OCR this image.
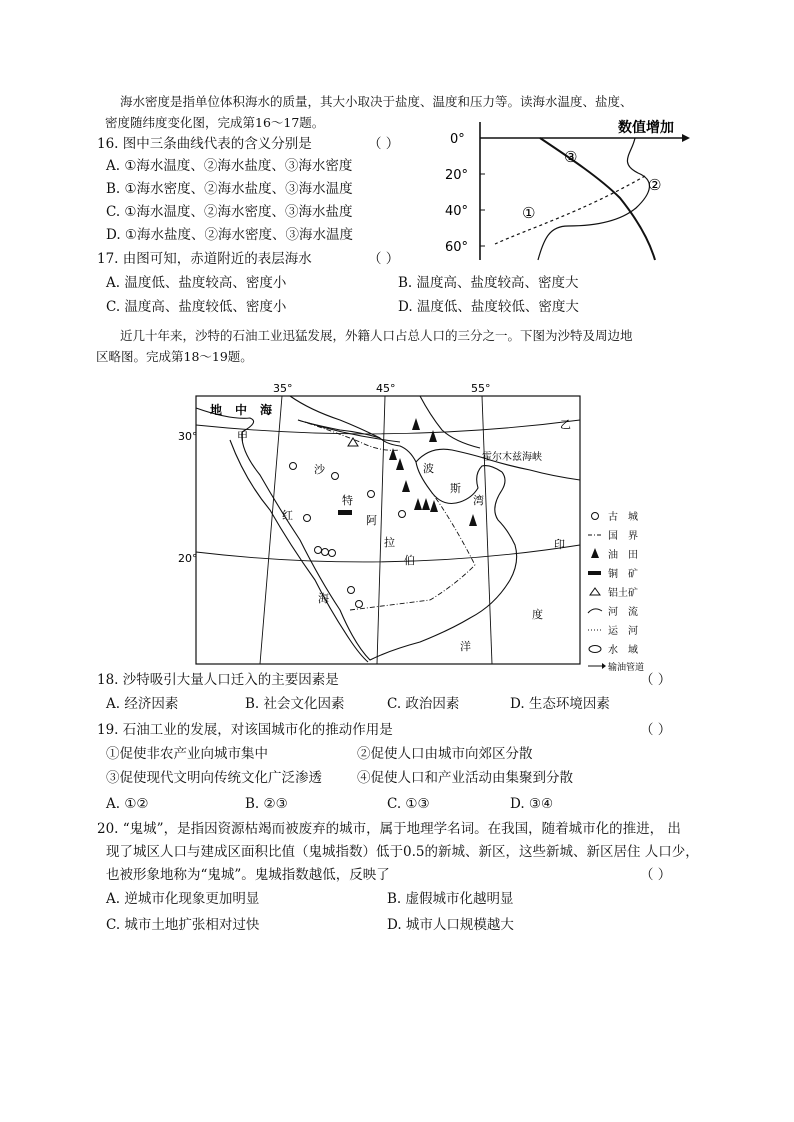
海水密度是指单位体积海水的质量，其大小取决于盐度、温度和压力等。读海水温度、盐度、
密度随纬度变化图，完成第16～17题。
16. 图中三条曲线代表的含义分别是	（ ）
A. ①海水温度、②海水盐度、③海水密度
B. ①海水密度、②海水盐度、③海水温度
C. ①海水温度、②海水密度、③海水盐度
D. ①海水盐度、②海水密度、③海水温度
17. 由图可知，赤道附近的表层海水	（ ）
A. 温度低、盐度较高、密度小	B. 温度高、盐度较高、密度大
C. 温度高、盐度较低、密度小	D. 温度低、盐度较低、密度大
数值增加
0°
20°
40°
60°
③
②
①
近几十年来，沙特的石油工业迅猛发展，外籍人口占总人口的三分之一。下图为沙特及周边地
区略图。完成第18～19题。
35°	45°	55°
30°
20°
地 中 海
甲
乙
沙
特
阿
拉
伯
红
海
波
斯
湾
霍尔木兹海峡
印
度
洋
古　城
国　界
油　田
铜　矿
铝土矿
河　流
运　河
水　域
输油管道
18. 沙特吸引大量人口迁入的主要因素是	（ ）
A. 经济因素	B. 社会文化因素	C. 政治因素	D. 生态环境因素
19. 石油工业的发展，对该国城市化的推动作用是	（ ）
①促使非农产业向城市集中	②促使人口由城市向郊区分散
③促使现代文明向传统文化广泛渗透	④促使人口和产业活动由集聚到分散
A. ①②	B. ②③	C. ①③	D. ③④
20. “鬼城”，是指因资源枯竭而被废弃的城市，属于地理学名词。在我国，随着城市化的推进， 出
现了城区人口与建成区面积比值（鬼城指数）低于0.5的新城、新区，这些新城、新区居住 人口少，
也被形象地称为“鬼城”。鬼城指数越低，反映了	（ ）
A. 逆城市化现象更加明显	B. 虚假城市化越明显
C. 城市土地扩张相对过快	D. 城市人口规模越大
